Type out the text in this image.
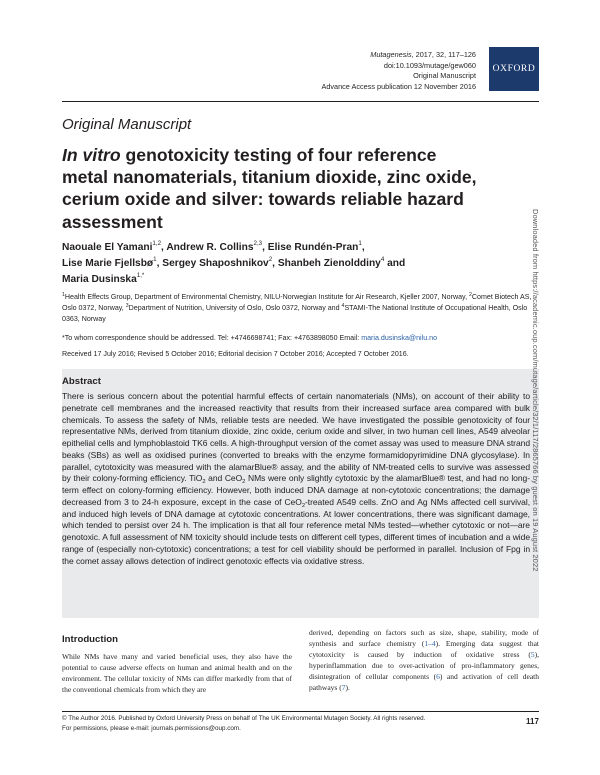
Mutagenesis, 2017, 32, 117–126
doi:10.1093/mutage/gew060
Original Manuscript
Advance Access publication 12 November 2016
OXFORD
Original Manuscript
In vitro genotoxicity testing of four reference metal nanomaterials, titanium dioxide, zinc oxide, cerium oxide and silver: towards reliable hazard assessment
Naouale El Yamani$^{1,2}$, Andrew R. Collins$^{2,3}$, Elise Rundén-Pran$^1$,
Lise Marie Fjellsbø$^1$, Sergey Shaposhnikov$^2$, Shanbeh Zienolddiny$^4$ and
Maria Dusinska$^{1,*}$
$^1$Health Effects Group, Department of Environmental Chemistry, NILU-Norwegian Institute for Air Research, Kjeller 2007, Norway, $^2$Comet Biotech AS, Oslo 0372, Norway, $^3$Department of Nutrition, University of Oslo, Oslo 0372, Norway and $^4$STAMI-The National Institute of Occupational Health, Oslo 0363, Norway
*To whom correspondence should be addressed. Tel: +4746698741; Fax: +4763898050 Email: maria.dusinska@nilu.no
Received 17 July 2016; Revised 5 October 2016; Editorial decision 7 October 2016; Accepted 7 October 2016.
Abstract
There is serious concern about the potential harmful effects of certain nanomaterials (NMs), on account of their ability to penetrate cell membranes and the increased reactivity that results from their increased surface area compared with bulk chemicals. To assess the safety of NMs, reliable tests are needed. We have investigated the possible genotoxicity of four representative NMs, derived from titanium dioxide, zinc oxide, cerium oxide and silver, in two human cell lines, A549 alveolar epithelial cells and lymphoblastoid TK6 cells. A high-throughput version of the comet assay was used to measure DNA strand beaks (SBs) as well as oxidised purines (converted to breaks with the enzyme formamidopyrimidine DNA glycosylase). In parallel, cytotoxicity was measured with the alamarBlue® assay, and the ability of NM-treated cells to survive was assessed by their colony-forming efficiency. TiO$_2$ and CeO$_2$ NMs were only slightly cytotoxic by the alamarBlue® test, and had no long-term effect on colony-forming efficiency. However, both induced DNA damage at non-cytotoxic concentrations; the damage decreased from 3 to 24-h exposure, except in the case of CeO$_2$-treated A549 cells. ZnO and Ag NMs affected cell survival, and induced high levels of DNA damage at cytotoxic concentrations. At lower concentrations, there was significant damage, which tended to persist over 24 h. The implication is that all four reference metal NMs tested—whether cytotoxic or not—are genotoxic. A full assessment of NM toxicity should include tests on different cell types, different times of incubation and a wide range of (especially non-cytotoxic) concentrations; a test for cell viability should be performed in parallel. Inclusion of Fpg in the comet assay allows detection of indirect genotoxic effects via oxidative stress.
Introduction
While NMs have many and varied beneficial uses, they also have the potential to cause adverse effects on human and animal health and on the environment. The cellular toxicity of NMs can differ markedly from that of the conventional chemicals from which they are
derived, depending on factors such as size, shape, stability, mode of synthesis and surface chemistry (1–4). Emerging data suggest that cytotoxicity is caused by induction of oxidative stress (5), hyperinflammation due to over-activation of pro-inflammatory genes, disintegration of cellular components (6) and activation of cell death pathways (7).
© The Author 2016. Published by Oxford University Press on behalf of The UK Environmental Mutagen Society. All rights reserved.
For permissions, please e-mail: journals.permissions@oup.com.
117
Downloaded from https://academic.oup.com/mutage/article/32/1/117/2865766 by guest on 19 August 2022
